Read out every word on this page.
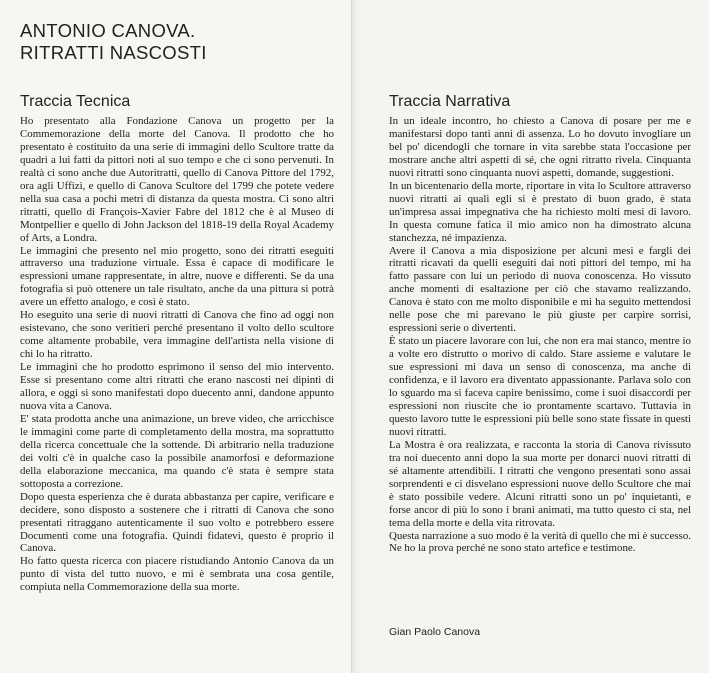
ANTONIO CANOVA.
RITRATTI NASCOSTI
Traccia Tecnica

Ho presentato alla Fondazione Canova un progetto per la Commemorazione della morte del Canova. Il prodotto che ho presentato è costituito da una serie di immagini dello Scultore tratte da quadri a lui fatti da pittori noti al suo tempo e che ci sono pervenuti. In realtà ci sono anche due Autoritratti, quello di Canova Pittore del 1792, ora agli Uffizi, e quello di Canova Scultore del 1799 che potete vedere nella sua casa a pochi metri di distanza da questa mostra. Ci sono altri ritratti, quello di François-Xavier Fabre del 1812 che è al Museo di Montpellier e quello di John Jackson del 1818-19 della Royal Academy of Arts, a Londra.

Le immagini che presento nel mio progetto, sono dei ritratti eseguiti attraverso una traduzione virtuale. Essa è capace di modificare le espressioni umane rappresentate, in altre, nuove e differenti. Se da una fotografia si può ottenere un tale risultato, anche da una pittura si potrà avere un effetto analogo, e così è stato.

Ho eseguito una serie di nuovi ritratti di Canova che fino ad oggi non esistevano, che sono veritieri perché presentano il volto dello scultore come altamente probabile, vera immagine dell'artista nella visione di chi lo ha ritratto.

Le immagini che ho prodotto esprimono il senso del mio intervento. Esse si presentano come altri ritratti che erano nascosti nei dipinti di allora, e oggi si sono manifestati dopo duecento anni, dandone appunto nuova vita a Canova.

E' stata prodotta anche una animazione, un breve video, che arricchisce le immagini come parte di completamento della mostra, ma soprattutto della ricerca concettuale che la sottende. Di arbitrario nella traduzione dei volti c'è in qualche caso la possibile anamorfosi e deformazione della elaborazione meccanica, ma quando c'è stata è sempre stata sottoposta a correzione.

Dopo questa esperienza che è durata abbastanza per capire, verificare e decidere, sono disposto a sostenere che i ritratti di Canova che sono presentati ritraggano autenticamente il suo volto e potrebbero essere Documenti come una fotografia. Quindi fidatevi, questo è proprio il Canova.

Ho fatto questa ricerca con piacere ristudiando Antonio Canova da un punto di vista del tutto nuovo, e mi è sembrata una cosa gentile, compiuta nella Commemorazione della sua morte.

Traccia Narrativa

In un ideale incontro, ho chiesto a Canova di posare per me e manifestarsi dopo tanti anni di assenza. Lo ho dovuto invogliare un bel po' dicendogli che tornare in vita sarebbe stata l'occasione per mostrare anche altri aspetti di sé, che ogni ritratto rivela. Cinquanta nuovi ritratti sono cinquanta nuovi aspetti, domande, suggestioni.

In un bicentenario della morte, riportare in vita lo Scultore attraverso nuovi ritratti ai quali egli si è prestato di buon grado, è stata un'impresa assai impegnativa che ha richiesto molti mesi di lavoro. In questa comune fatica il mio amico non ha dimostrato alcuna stanchezza, né impazienza.

Avere il Canova a mia disposizione per alcuni mesi e fargli dei ritratti ricavati da quelli eseguiti dai noti pittori del tempo, mi ha fatto passare con lui un periodo di nuova conoscenza. Ho vissuto anche momenti di esaltazione per ciò che stavamo realizzando. Canova è stato con me molto disponibile e mi ha seguito mettendosi nelle pose che mi parevano le più giuste per carpire sorrisi, espressioni serie o divertenti.

È stato un piacere lavorare con lui, che non era mai stanco, mentre io a volte ero distrutto o morivo di caldo. Stare assieme e valutare le sue espressioni mi dava un senso di conoscenza, ma anche di confidenza, e il lavoro era diventato appassionante. Parlava solo con lo sguardo ma si faceva capire benissimo, come i suoi disaccordi per espressioni non riuscite che io prontamente scartavo. Tuttavia in questo lavoro tutte le espressioni più belle sono state fissate in questi nuovi ritratti.

La Mostra è ora realizzata, e racconta la storia di Canova rivissuto tra noi duecento anni dopo la sua morte per donarci nuovi ritratti di sé altamente attendibili. I ritratti che vengono presentati sono assai sorprendenti e ci disvelano espressioni nuove dello Scultore che mai è stato possibile vedere. Alcuni ritratti sono un po' inquietanti, e forse ancor di più lo sono i brani animati, ma tutto questo ci sta, nel tema della morte e della vita ritrovata.

Questa narrazione a suo modo è la verità di quello che mi è successo. Ne ho la prova perché ne sono stato artefice e testimone.

Gian Paolo Canova
